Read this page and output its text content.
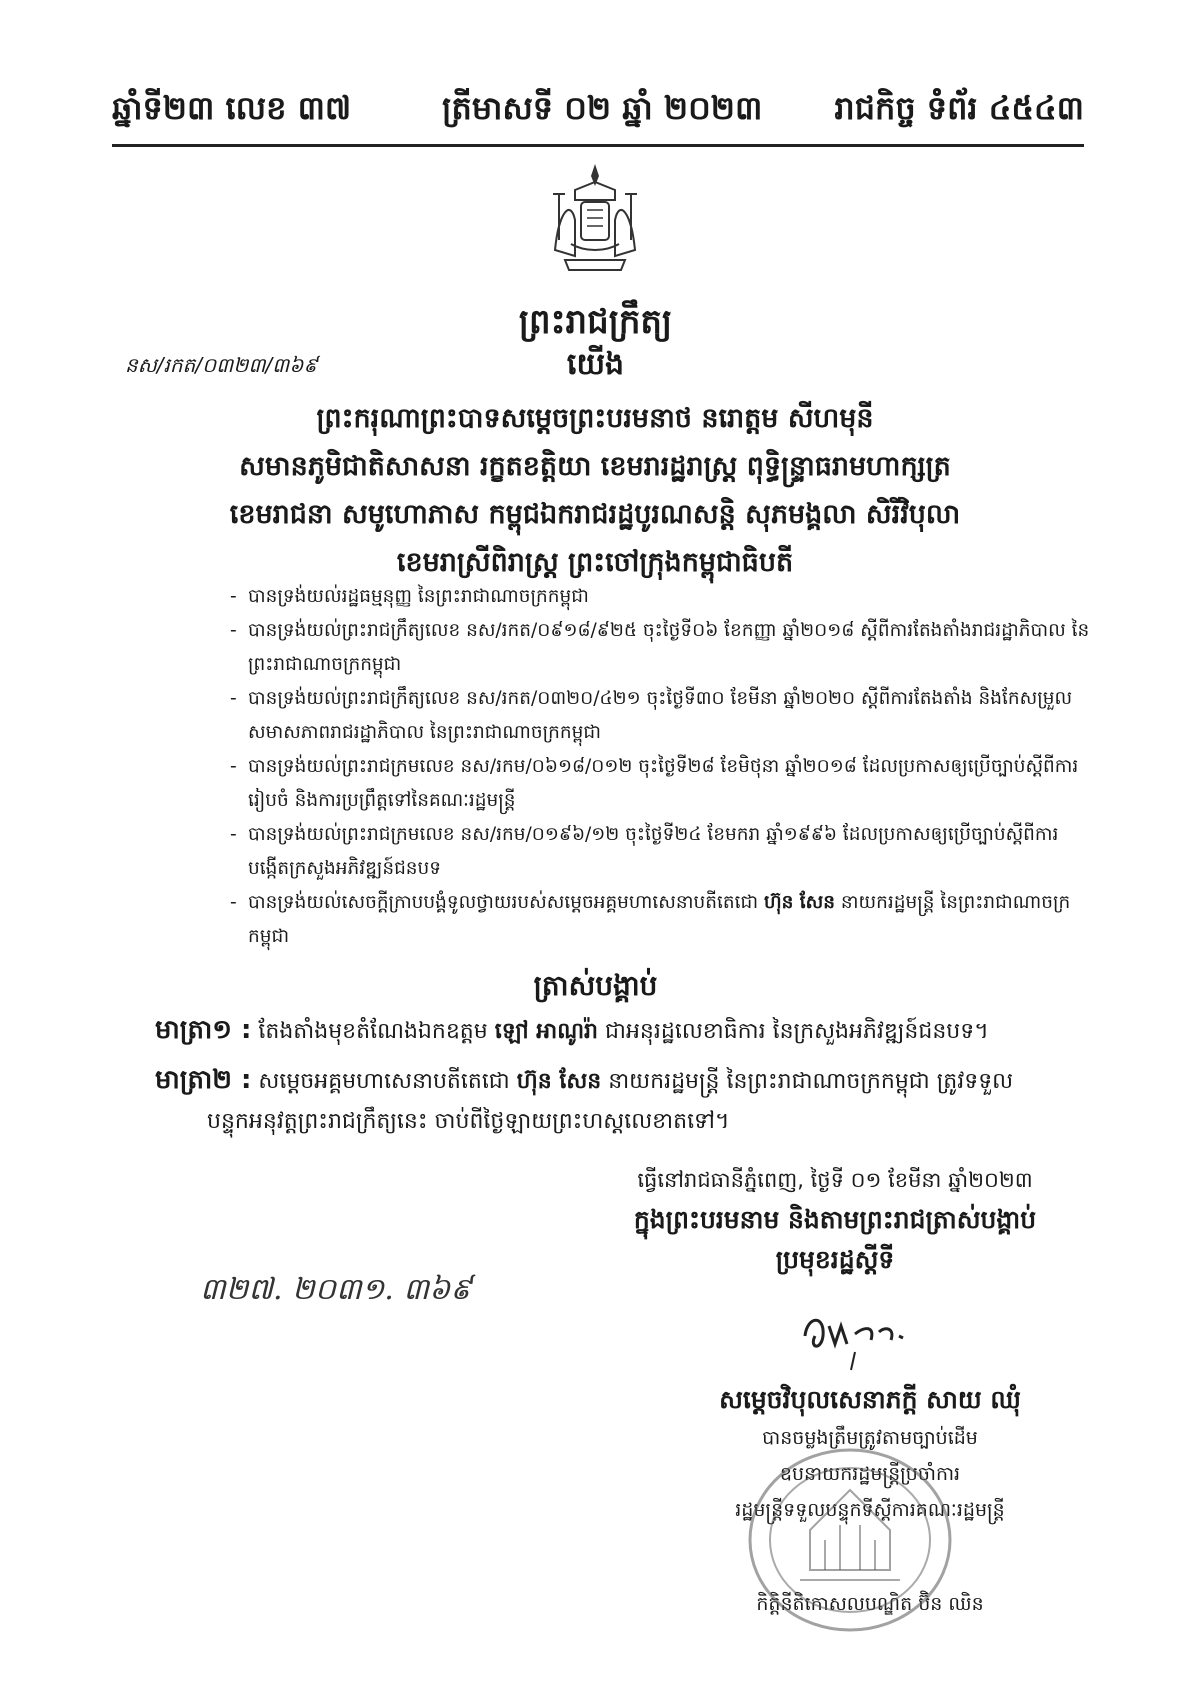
ឆ្នាំទី២៣ លេខ ៣៧	ត្រីមាសទី ០២ ឆ្នាំ ២០២៣ រាជកិច្ច ទំព័រ ៤៥៤៣
ព្រះរាជក្រឹត្យ
នស/រកត/០៣២៣/៣៦៩	យើង
ព្រះករុណាព្រះបាទសម្តេចព្រះបរមនាថ នរោត្តម សីហមុនី
សមានភូមិជាតិសាសនា រក្ខតខត្តិយា ខេមរារដ្ឋរាស្ត្រ ពុទ្ធិន្ទ្រាធរាមហាក្សត្រ
ខេមរាជនា សមូហោភាស កម្ពុជឯករាជរដ្ឋបូរណសន្តិ សុភមង្គលា សិរីវិបុលា
ខេមរាស្រីពិរាស្ត្រ ព្រះចៅក្រុងកម្ពុជាធិបតី
- បានទ្រង់យល់រដ្ឋធម្មនុញ្ញ នៃព្រះរាជាណាចក្រកម្ពុជា
- បានទ្រង់យល់ព្រះរាជក្រឹត្យលេខ នស/រកត/០៩១៨/៩២៥ ចុះថ្ងៃទី០៦ ខែកញ្ញា ឆ្នាំ២០១៨ ស្តីពីការតែងតាំងរាជរដ្ឋាភិបាល នៃព្រះរាជាណាចក្រកម្ពុជា
- បានទ្រង់យល់ព្រះរាជក្រឹត្យលេខ នស/រកត/០៣២០/៤២១ ចុះថ្ងៃទី៣០ ខែមីនា ឆ្នាំ២០២០ ស្តីពីការតែងតាំង និងកែសម្រួលសមាសភាពរាជរដ្ឋាភិបាល នៃព្រះរាជាណាចក្រកម្ពុជា
- បានទ្រង់យល់ព្រះរាជក្រមលេខ នស/រកម/០៦១៨/០១២ ចុះថ្ងៃទី២៨ ខែមិថុនា ឆ្នាំ២០១៨ ដែលប្រកាសឲ្យប្រើច្បាប់ស្តីពីការរៀបចំ និងការប្រព្រឹត្តទៅនៃគណៈរដ្ឋមន្ត្រី
- បានទ្រង់យល់ព្រះរាជក្រមលេខ នស/រកម/០១៩៦/១២ ចុះថ្ងៃទី២៤ ខែមករា ឆ្នាំ១៩៩៦ ដែលប្រកាសឲ្យប្រើច្បាប់ស្តីពីការបង្កើតក្រសួងអភិវឌ្ឍន៍ជនបទ
- បានទ្រង់យល់សេចក្តីក្រាបបង្គំទូលថ្វាយរបស់សម្តេចអគ្គមហាសេនាបតីតេជោ ហ៊ុន សែន នាយករដ្ឋមន្ត្រី នៃព្រះរាជាណាចក្រកម្ពុជា
ត្រាស់បង្គាប់
មាត្រា១ : តែងតាំងមុខតំណែងឯកឧត្តម ឡៅ អាណូរ៉ា ជាអនុរដ្ឋលេខាធិការ នៃក្រសួងអភិវឌ្ឍន៍ជនបទ។
មាត្រា២ : សម្តេចអគ្គមហាសេនាបតីតេជោ ហ៊ុន សែន នាយករដ្ឋមន្ត្រី នៃព្រះរាជាណាចក្រកម្ពុជា ត្រូវទទួល
បន្ទុកអនុវត្តព្រះរាជក្រឹត្យនេះ ចាប់ពីថ្ងៃឡាយព្រះហស្តលេខាតទៅ។
ធ្វើនៅរាជធានីភ្នំពេញ, ថ្ងៃទី ០១ ខែមីនា ឆ្នាំ២០២៣
ក្នុងព្រះបរមនាម និងតាមព្រះរាជត្រាស់បង្គាប់
ប្រមុខរដ្ឋស្តីទី
៣២៧. ២០៣១. ៣៦៩
សម្តេចវិបុលសេនាភក្តី សាយ ឈុំ
បានចម្លងត្រឹមត្រូវតាមច្បាប់ដើម
ឧបនាយករដ្ឋមន្ត្រីប្រចាំការ
រដ្ឋមន្ត្រីទទួលបន្ទុកទីស្តីការគណៈរដ្ឋមន្ត្រី
កិត្តិនីតិកោសលបណ្ឌិត ប៊ិន ឈិន
